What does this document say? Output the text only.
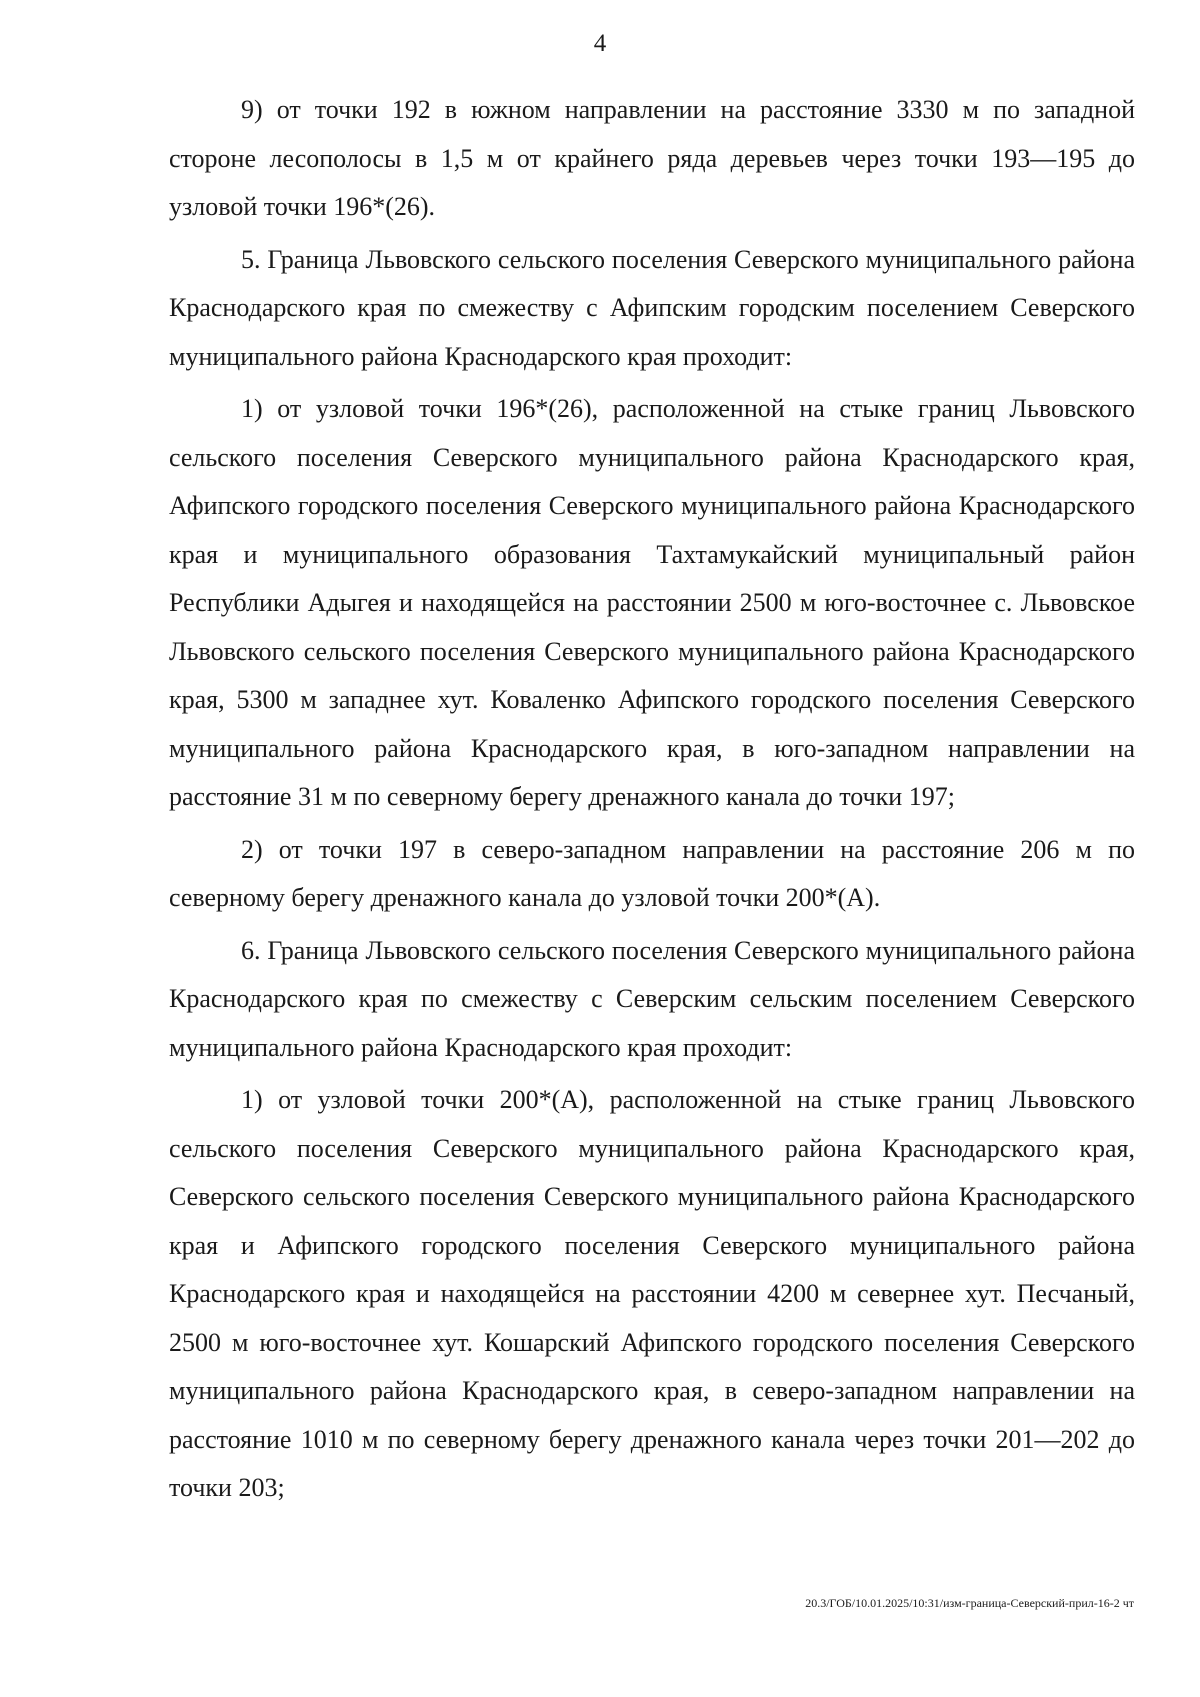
4

9) от точки 192 в южном направлении на расстояние 3330 м по западной стороне лесополосы в 1,5 м от крайнего ряда деревьев через точки 193—195 до узловой точки 196*(26).

5. Граница Львовского сельского поселения Северского муниципального района Краснодарского края по смежеству с Афипским городским поселением Северского муниципального района Краснодарского края проходит:

1) от узловой точки 196*(26), расположенной на стыке границ Львовского сельского поселения Северского муниципального района Краснодарского края, Афипского городского поселения Северского муниципального района Краснодарского края и муниципального образования Тахтамукайский муниципальный район Республики Адыгея и находящейся на расстоянии 2500 м юго-восточнее с. Львовское Львовского сельского поселения Северского муниципального района Краснодарского края, 5300 м западнее хут. Коваленко Афипского городского поселения Северского муниципального района Краснодарского края, в юго-западном направлении на расстояние 31 м по северному берегу дренажного канала до точки 197;

2) от точки 197 в северо-западном направлении на расстояние 206 м по северному берегу дренажного канала до узловой точки 200*(А).

6. Граница Львовского сельского поселения Северского муниципального района Краснодарского края по смежеству с Северским сельским поселением Северского муниципального района Краснодарского края проходит:

1) от узловой точки 200*(А), расположенной на стыке границ Львовского сельского поселения Северского муниципального района Краснодарского края, Северского сельского поселения Северского муниципального района Краснодарского края и Афипского городского поселения Северского муниципального района Краснодарского края и находящейся на расстоянии 4200 м севернее хут. Песчаный, 2500 м юго-восточнее хут. Кошарский Афипского городского поселения Северского муниципального района Краснодарского края, в северо-западном направлении на расстояние 1010 м по северному берегу дренажного канала через точки 201—202 до точки 203;

20.3/ГОБ/10.01.2025/10:31/изм-граница-Северский-прил-16-2 чт
